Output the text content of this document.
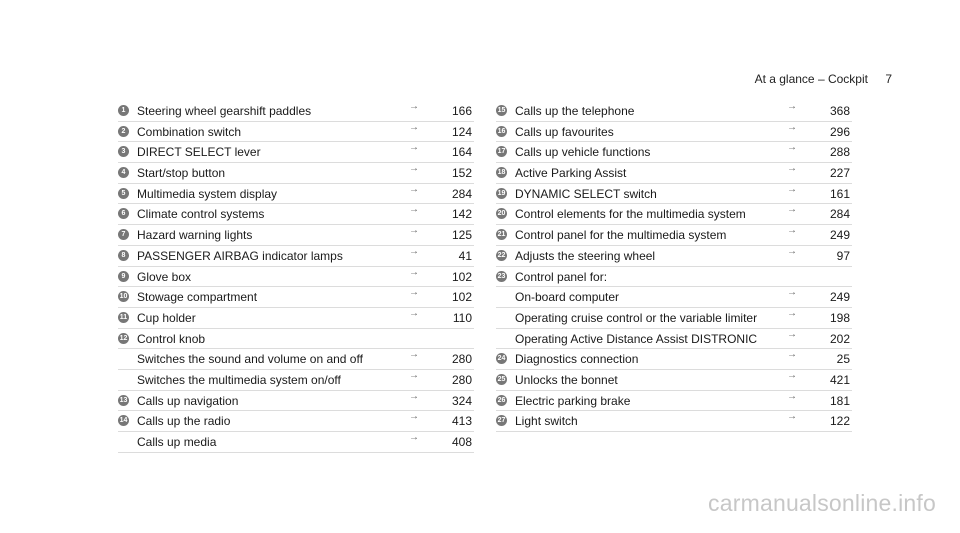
At a glance – Cockpit 7
1 Steering wheel gearshift paddles	→	166
2 Combination switch	→	124
3 DIRECT SELECT lever	→	164
4 Start/stop button	→	152
5 Multimedia system display	→	284
6 Climate control systems	→	142
7 Hazard warning lights	→	125
8 PASSENGER AIRBAG indicator lamps	→	41
9 Glove box	→	102
10 Stowage compartment	→	102
11 Cup holder	→	110
12 Control knob
Switches the sound and volume on and off	→	280
Switches the multimedia system on/off	→	280
13 Calls up navigation	→	324
14 Calls up the radio	→	413
Calls up media	→	408
15 Calls up the telephone	→	368
16 Calls up favourites	→	296
17 Calls up vehicle functions	→	288
18 Active Parking Assist	→	227
19 DYNAMIC SELECT switch	→	161
20 Control elements for the multimedia system	→	284
21 Control panel for the multimedia system	→	249
22 Adjusts the steering wheel	→	97
23 Control panel for:
On-board computer	→	249
Operating cruise control or the variable limiter	→	198
Operating Active Distance Assist DISTRONIC	→	202
24 Diagnostics connection	→	25
25 Unlocks the bonnet	→	421
26 Electric parking brake	→	181
27 Light switch	→	122
carmanualsonline.info
